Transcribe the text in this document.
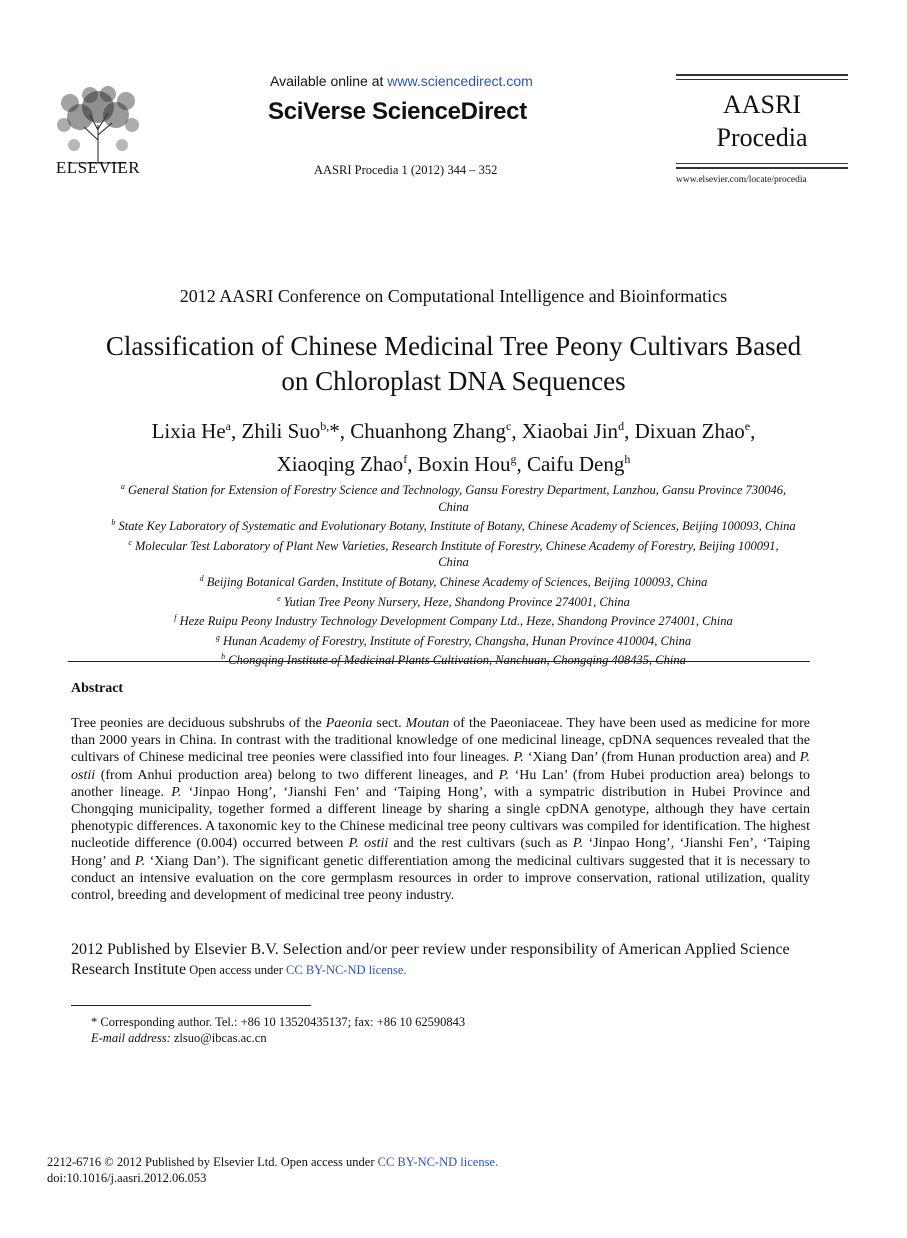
ELSEVIER
Available online at www.sciencedirect.com
SciVerse ScienceDirect
AASRI Procedia 1 (2012) 344 – 352
AASRI
Procedia
www.elsevier.com/locate/procedia
2012 AASRI Conference on Computational Intelligence and Bioinformatics
Classification of Chinese Medicinal Tree Peony Cultivars Based
on Chloroplast DNA Sequences
Lixia He$^a$, Zhili Suo$^{b,}$*, Chuanhong Zhang$^c$, Xiaobai Jin$^d$, Dixuan Zhao$^e$,
Xiaoqing Zhao$^f$, Boxin Hou$^g$, Caifu Deng$^h$
$^a$ General Station for Extension of Forestry Science and Technology, Gansu Forestry Department, Lanzhou, Gansu Province 730046,
China
$^b$ State Key Laboratory of Systematic and Evolutionary Botany, Institute of Botany, Chinese Academy of Sciences, Beijing 100093, China
$^c$ Molecular Test Laboratory of Plant New Varieties, Research Institute of Forestry, Chinese Academy of Forestry, Beijing 100091,
China
$^d$ Beijing Botanical Garden, Institute of Botany, Chinese Academy of Sciences, Beijing 100093, China
$^e$ Yutian Tree Peony Nursery, Heze, Shandong Province 274001, China
$^f$ Heze Ruipu Peony Industry Technology Development Company Ltd., Heze, Shandong Province 274001, China
$^g$ Hunan Academy of Forestry, Institute of Forestry, Changsha, Hunan Province 410004, China
$^h$ Chongqing Institute of Medicinal Plants Cultivation, Nanchuan, Chongqing 408435, China
Abstract
Tree peonies are deciduous subshrubs of the Paeonia sect. Moutan of the Paeoniaceae. They have been used as medicine for more than 2000 years in China. In contrast with the traditional knowledge of one medicinal lineage, cpDNA sequences revealed that the cultivars of Chinese medicinal tree peonies were classified into four lineages. P. ‘Xiang Dan’ (from Hunan production area) and P. ostii (from Anhui production area) belong to two different lineages, and P. ‘Hu Lan’ (from Hubei production area) belongs to another lineage. P. ‘Jinpao Hong’, ‘Jianshi Fen’ and ‘Taiping Hong’, with a sympatric distribution in Hubei Province and Chongqing municipality, together formed a different lineage by sharing a single cpDNA genotype, although they have certain phenotypic differences. A taxonomic key to the Chinese medicinal tree peony cultivars was compiled for identification. The highest nucleotide difference (0.004) occurred between P. ostii and the rest cultivars (such as P. ‘Jinpao Hong’, ‘Jianshi Fen’, ‘Taiping Hong’ and P. ‘Xiang Dan’). The significant genetic differentiation among the medicinal cultivars suggested that it is necessary to conduct an intensive evaluation on the core germplasm resources in order to improve conservation, rational utilization, quality control, breeding and development of medicinal tree peony industry.
2012 Published by Elsevier B.V. Selection and/or peer review under responsibility of American Applied Science Research Institute Open access under CC BY-NC-ND license.
* Corresponding author. Tel.: +86 10 13520435137; fax: +86 10 62590843
E-mail address: zlsuo@ibcas.ac.cn
2212-6716 © 2012 Published by Elsevier Ltd. Open access under CC BY-NC-ND license.
doi:10.1016/j.aasri.2012.06.053
